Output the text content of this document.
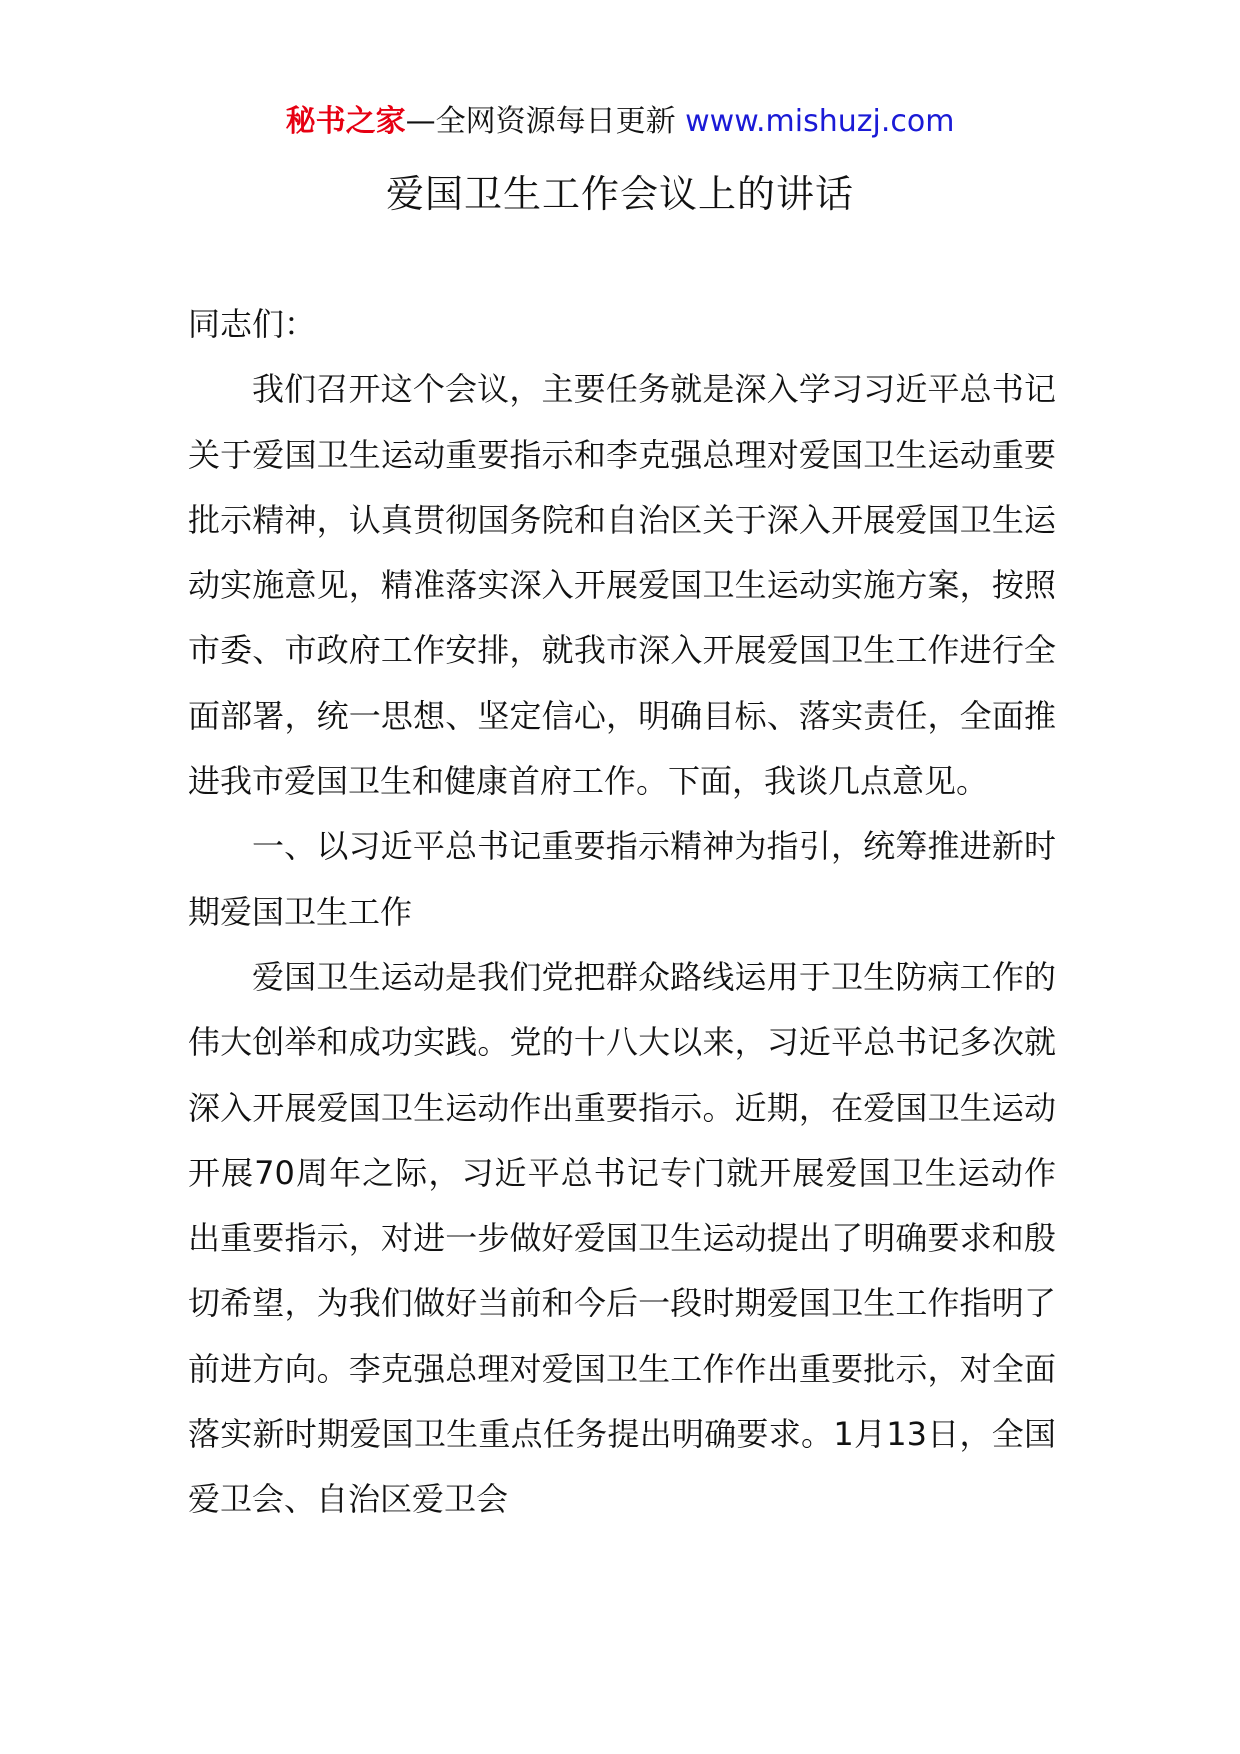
秘书之家—全网资源每日更新 www.mishuzj.com
爱国卫生工作会议上的讲话

同志们：

我们召开这个会议，主要任务就是深入学习习近平总书记关于爱国卫生运动重要指示和李克强总理对爱国卫生运动重要批示精神，认真贯彻国务院和自治区关于深入开展爱国卫生运动实施意见，精准落实深入开展爱国卫生运动实施方案，按照市委、市政府工作安排，就我市深入开展爱国卫生工作进行全面部署，统一思想、坚定信心，明确目标、落实责任，全面推进我市爱国卫生和健康首府工作。下面，我谈几点意见。

一、以习近平总书记重要指示精神为指引，统筹推进新时期爱国卫生工作

爱国卫生运动是我们党把群众路线运用于卫生防病工作的伟大创举和成功实践。党的十八大以来，习近平总书记多次就深入开展爱国卫生运动作出重要指示。近期，在爱国卫生运动开展70周年之际，习近平总书记专门就开展爱国卫生运动作出重要指示，对进一步做好爱国卫生运动提出了明确要求和殷切希望，为我们做好当前和今后一段时期爱国卫生工作指明了前进方向。李克强总理对爱国卫生工作作出重要批示，对全面落实新时期爱国卫生重点任务提出明确要求。1月13日，全国爱卫会、自治区爱卫会
